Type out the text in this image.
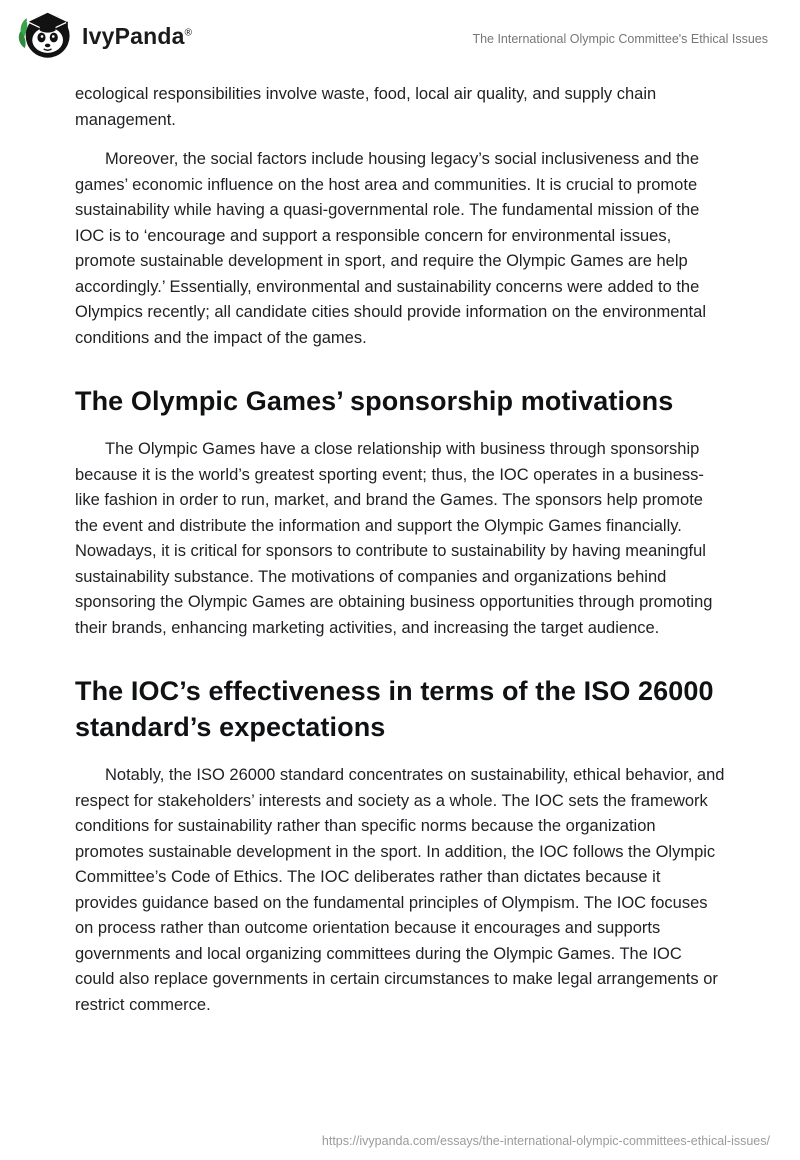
IvyPanda®	The International Olympic Committee's Ethical Issues

ecological responsibilities involve waste, food, local air quality, and supply chain management.

Moreover, the social factors include housing legacy’s social inclusiveness and the games’ economic influence on the host area and communities. It is crucial to promote sustainability while having a quasi-governmental role. The fundamental mission of the IOC is to ‘encourage and support a responsible concern for environmental issues, promote sustainable development in sport, and require the Olympic Games are help accordingly.’ Essentially, environmental and sustainability concerns were added to the Olympics recently; all candidate cities should provide information on the environmental conditions and the impact of the games.

The Olympic Games’ sponsorship motivations

The Olympic Games have a close relationship with business through sponsorship because it is the world’s greatest sporting event; thus, the IOC operates in a business-like fashion in order to run, market, and brand the Games. The sponsors help promote the event and distribute the information and support the Olympic Games financially. Nowadays, it is critical for sponsors to contribute to sustainability by having meaningful sustainability substance. The motivations of companies and organizations behind sponsoring the Olympic Games are obtaining business opportunities through promoting their brands, enhancing marketing activities, and increasing the target audience.

The IOC’s effectiveness in terms of the ISO 26000 standard’s expectations

Notably, the ISO 26000 standard concentrates on sustainability, ethical behavior, and respect for stakeholders’ interests and society as a whole. The IOC sets the framework conditions for sustainability rather than specific norms because the organization promotes sustainable development in the sport. In addition, the IOC follows the Olympic Committee’s Code of Ethics. The IOC deliberates rather than dictates because it provides guidance based on the fundamental principles of Olympism. The IOC focuses on process rather than outcome orientation because it encourages and supports governments and local organizing committees during the Olympic Games. The IOC could also replace governments in certain circumstances to make legal arrangements or restrict commerce.

https://ivypanda.com/essays/the-international-olympic-committees-ethical-issues/
